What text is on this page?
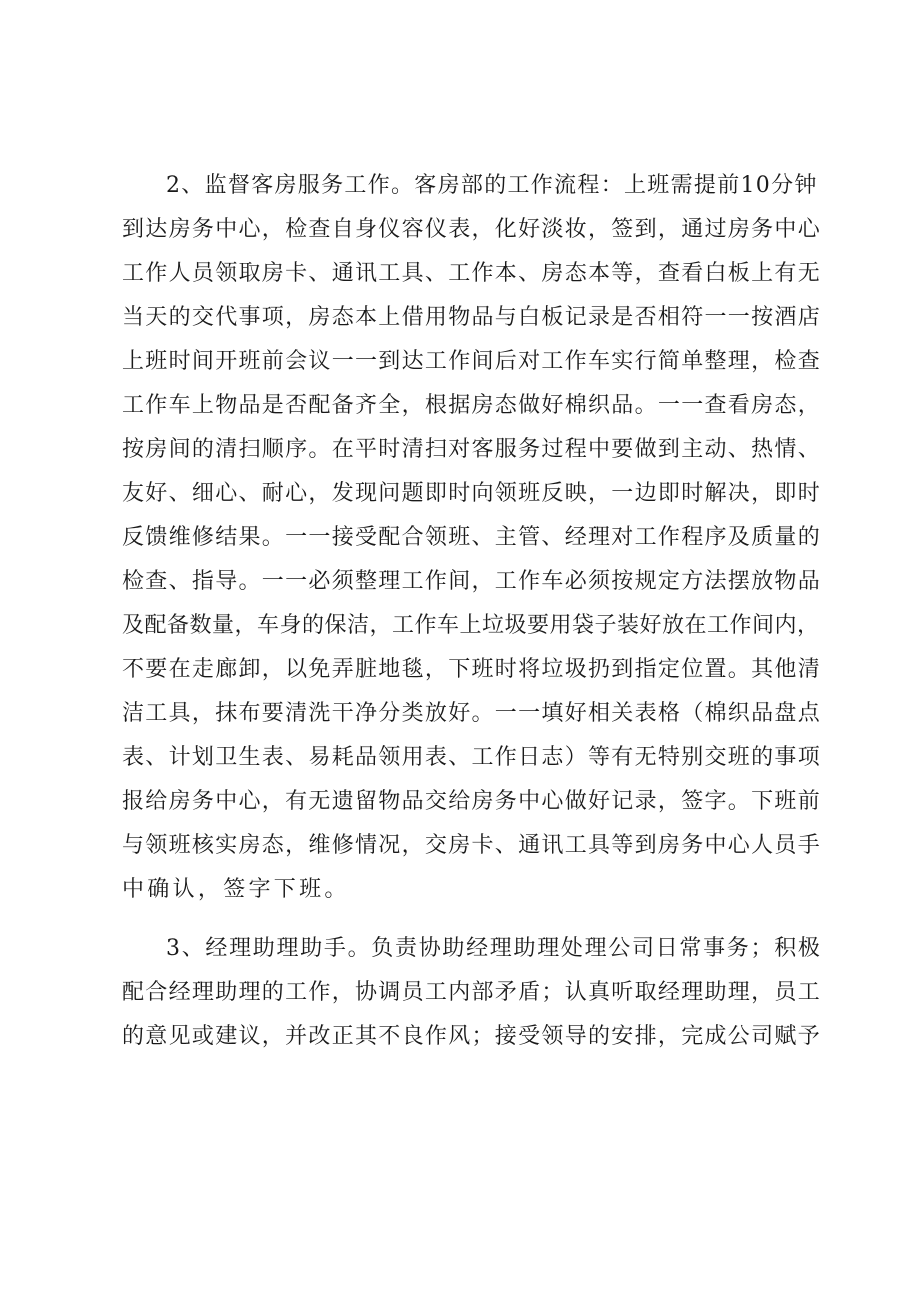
2、监督客房服务工作。客房部的工作流程：上班需提前10分钟
到达房务中心，检查自身仪容仪表，化好淡妆，签到，通过房务中心
工作人员领取房卡、通讯工具、工作本、房态本等，查看白板上有无
当天的交代事项，房态本上借用物品与白板记录是否相符一一按酒店
上班时间开班前会议一一到达工作间后对工作车实行简单整理，检查
工作车上物品是否配备齐全，根据房态做好棉织品。一一查看房态，
按房间的清扫顺序。在平时清扫对客服务过程中要做到主动、热情、
友好、细心、耐心，发现问题即时向领班反映，一边即时解决，即时
反馈维修结果。一一接受配合领班、主管、经理对工作程序及质量的
检查、指导。一一必须整理工作间，工作车必须按规定方法摆放物品
及配备数量，车身的保洁，工作车上垃圾要用袋子装好放在工作间内，
不要在走廊卸，以免弄脏地毯，下班时将垃圾扔到指定位置。其他清
洁工具，抹布要清洗干净分类放好。一一填好相关表格（棉织品盘点
表、计划卫生表、易耗品领用表、工作日志）等有无特别交班的事项
报给房务中心，有无遗留物品交给房务中心做好记录，签字。下班前
与领班核实房态，维修情况，交房卡、通讯工具等到房务中心人员手
中确认，签字下班。
3、经理助理助手。负责协助经理助理处理公司日常事务；积极
配合经理助理的工作，协调员工内部矛盾；认真听取经理助理，员工
的意见或建议，并改正其不良作风；接受领导的安排，完成公司赋予
